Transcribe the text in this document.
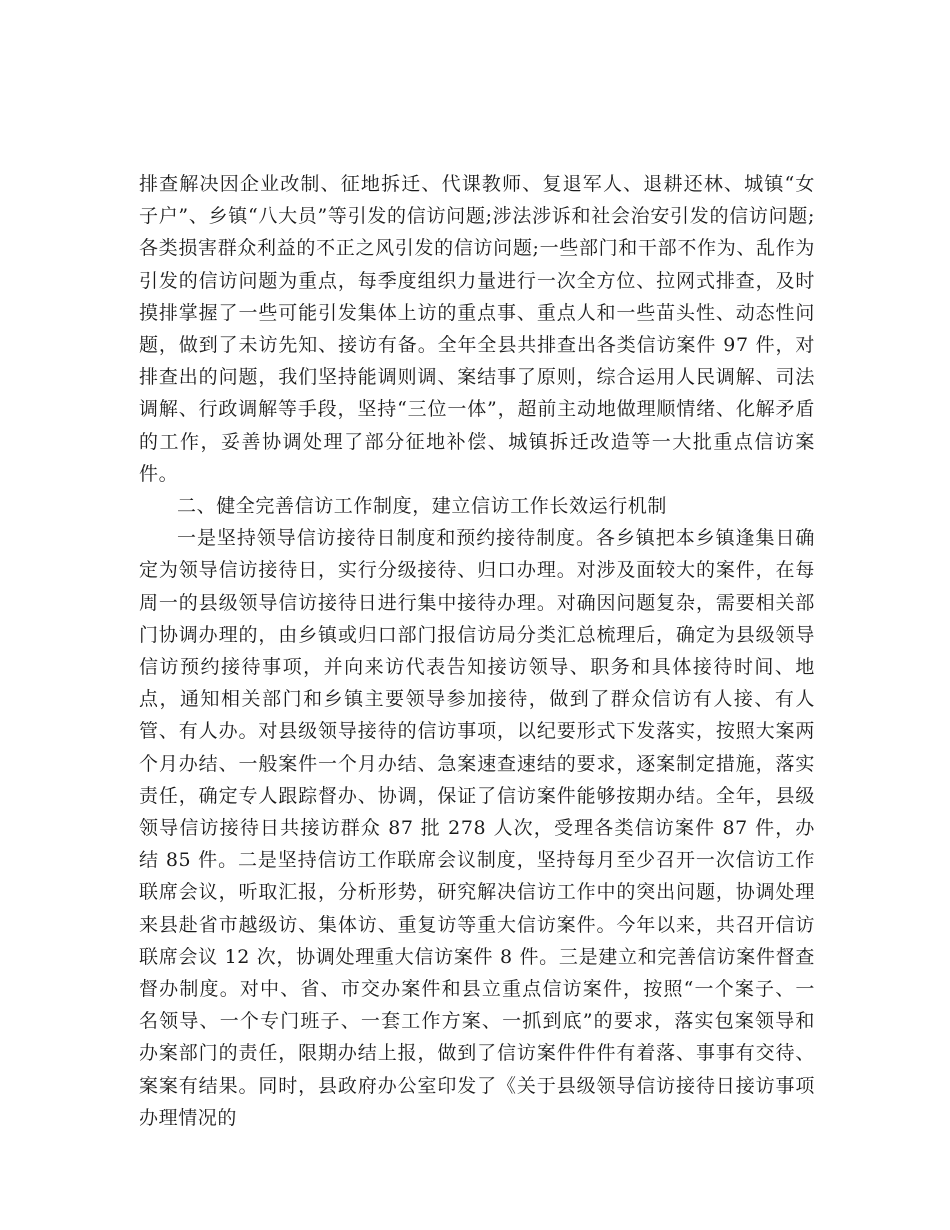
排查解决因企业改制、征地拆迁、代课教师、复退军人、退耕还林、城镇“女子户”、乡镇“八大员”等引发的信访问题;涉法涉诉和社会治安引发的信访问题;各类损害群众利益的不正之风引发的信访问题;一些部门和干部不作为、乱作为引发的信访问题为重点，每季度组织力量进行一次全方位、拉网式排查，及时摸排掌握了一些可能引发集体上访的重点事、重点人和一些苗头性、动态性问题，做到了未访先知、接访有备。全年全县共排查出各类信访案件 97 件，对排查出的问题，我们坚持能调则调、案结事了原则，综合运用人民调解、司法调解、行政调解等手段，坚持“三位一体”，超前主动地做理顺情绪、化解矛盾的工作，妥善协调处理了部分征地补偿、城镇拆迁改造等一大批重点信访案件。

二、健全完善信访工作制度，建立信访工作长效运行机制

一是坚持领导信访接待日制度和预约接待制度。各乡镇把本乡镇逢集日确定为领导信访接待日，实行分级接待、归口办理。对涉及面较大的案件，在每周一的县级领导信访接待日进行集中接待办理。对确因问题复杂，需要相关部门协调办理的，由乡镇或归口部门报信访局分类汇总梳理后，确定为县级领导信访预约接待事项，并向来访代表告知接访领导、职务和具体接待时间、地点，通知相关部门和乡镇主要领导参加接待，做到了群众信访有人接、有人管、有人办。对县级领导接待的信访事项，以纪要形式下发落实，按照大案两个月办结、一般案件一个月办结、急案速查速结的要求，逐案制定措施，落实责任，确定专人跟踪督办、协调，保证了信访案件能够按期办结。全年，县级领导信访接待日共接访群众 87 批 278 人次，受理各类信访案件 87 件，办结 85 件。二是坚持信访工作联席会议制度，坚持每月至少召开一次信访工作联席会议，听取汇报，分析形势，研究解决信访工作中的突出问题，协调处理来县赴省市越级访、集体访、重复访等重大信访案件。今年以来，共召开信访联席会议 12 次，协调处理重大信访案件 8 件。三是建立和完善信访案件督查督办制度。对中、省、市交办案件和县立重点信访案件，按照“一个案子、一名领导、一个专门班子、一套工作方案、一抓到底”的要求，落实包案领导和办案部门的责任，限期办结上报，做到了信访案件件件有着落、事事有交待、案案有结果。同时，县政府办公室印发了《关于县级领导信访接待日接访事项办理情况的
